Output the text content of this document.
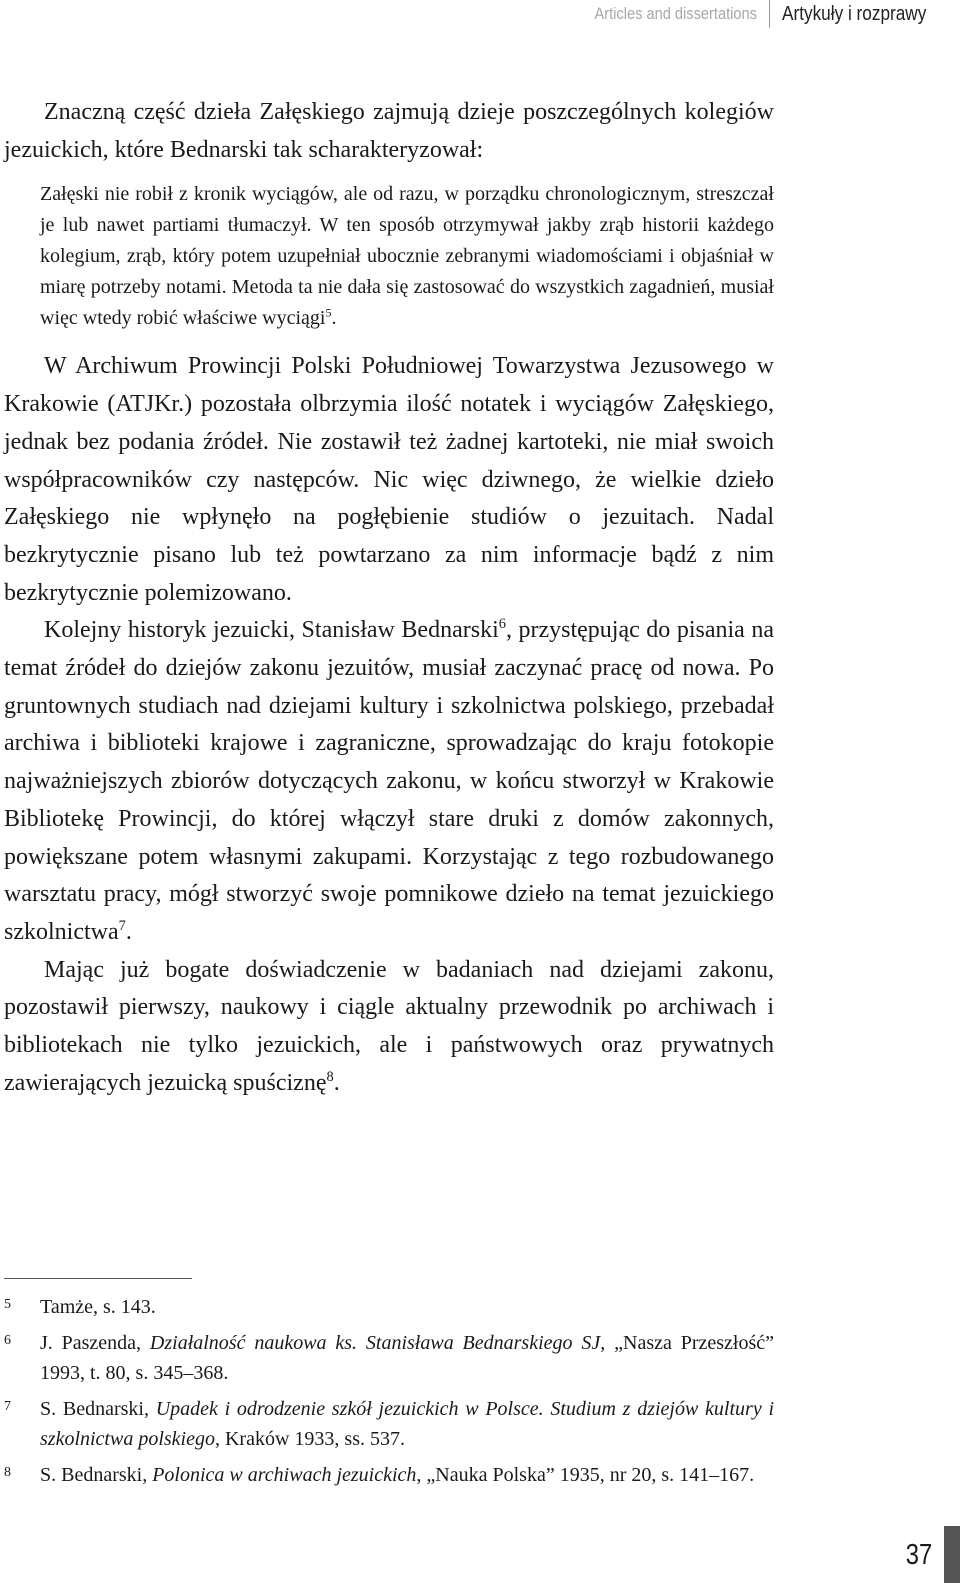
Articles and dissertations Artykuły i rozprawy

Znaczną część dzieła Załęskiego zajmują dzieje poszczególnych kolegiów jezuickich, które Bednarski tak scharakteryzował:

Załęski nie robił z kronik wyciągów, ale od razu, w porządku chronologicznym, streszczał je lub nawet partiami tłumaczył. W ten sposób otrzymywał jakby zrąb historii każdego kolegium, zrąb, który potem uzupełniał ubocznie zebranymi wiadomościami i objaśniał w miarę potrzeby notami. Metoda ta nie dała się zastosować do wszystkich zagadnień, musiał więc wtedy robić właściwe wyciągi$^5$.

W Archiwum Prowincji Polski Południowej Towarzystwa Jezusowego w Krakowie (ATJKr.) pozostała olbrzymia ilość notatek i wyciągów Załęskiego, jednak bez podania źródeł. Nie zostawił też żadnej kartoteki, nie miał swoich współpracowników czy następców. Nic więc dziwnego, że wielkie dzieło Załęskiego nie wpłynęło na pogłębienie studiów o jezuitach. Nadal bezkrytycznie pisano lub też powtarzano za nim informacje bądź z nim bezkrytycznie polemizowano.

Kolejny historyk jezuicki, Stanisław Bednarski$^6$, przystępując do pisania na temat źródeł do dziejów zakonu jezuitów, musiał zaczynać pracę od nowa. Po gruntownych studiach nad dziejami kultury i szkolnictwa polskiego, przebadał archiwa i biblioteki krajowe i zagraniczne, sprowadzając do kraju fotokopie najważniejszych zbiorów dotyczących zakonu, w końcu stworzył w Krakowie Bibliotekę Prowincji, do której włączył stare druki z domów zakonnych, powiększane potem własnymi zakupami. Korzystając z tego rozbudowanego warsztatu pracy, mógł stworzyć swoje pomnikowe dzieło na temat jezuickiego szkolnictwa$^7$.

Mając już bogate doświadczenie w badaniach nad dziejami zakonu, pozostawił pierwszy, naukowy i ciągle aktualny przewodnik po archiwach i bibliotekach nie tylko jezuickich, ale i państwowych oraz prywatnych zawierających jezuicką spuściznę$^8$.

5	Tamże, s. 143.
6	J. Paszenda, Działalność naukowa ks. Stanisława Bednarskiego SJ, „Nasza Przeszłość” 1993, t. 80, s. 345–368.
7	S. Bednarski, Upadek i odrodzenie szkół jezuickich w Polsce. Studium z dziejów kultury i szkolnictwa polskiego, Kraków 1933, ss. 537.
8	S. Bednarski, Polonica w archiwach jezuickich, „Nauka Polska” 1935, nr 20, s. 141–167.
37
